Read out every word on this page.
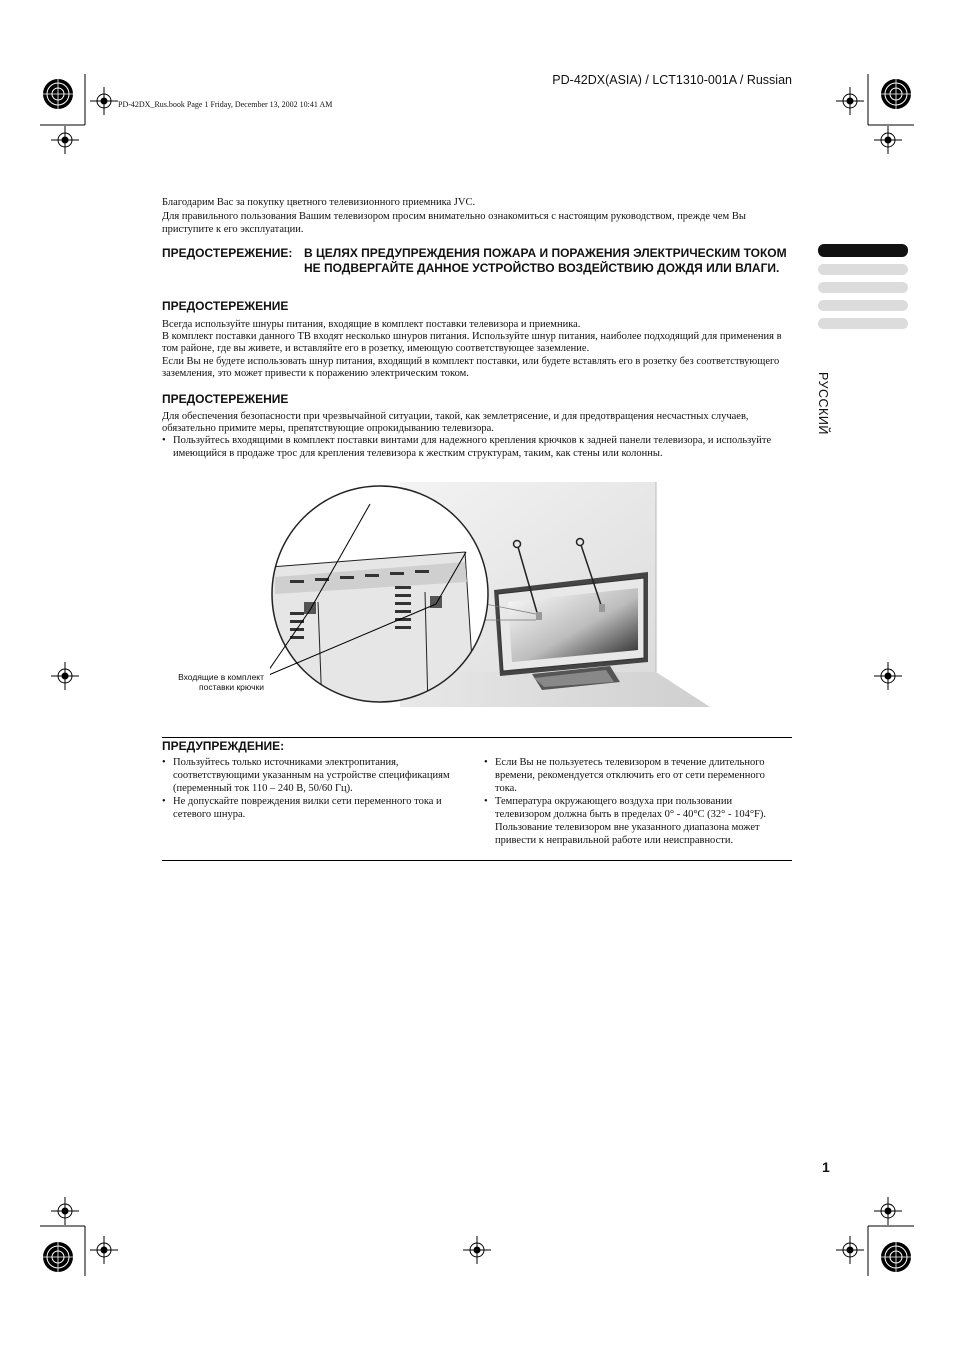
PD-42DX(ASIA) / LCT1310-001A / Russian
PD-42DX_Rus.book Page 1 Friday, December 13, 2002 10:41 AM

Благодарим Вас за покупку цветного телевизионного приемника JVC.

Для правильного пользования Вашим телевизором просим внимательно ознакомиться с настоящим руководством, прежде чем Вы приступите к его эксплуатации.

ПРЕДОСТЕРЕЖЕНИЕ: В ЦЕЛЯХ ПРЕДУПРЕЖДЕНИЯ ПОЖАРА И ПОРАЖЕНИЯ ЭЛЕКТРИЧЕСКИМ ТОКОМ НЕ ПОДВЕРГАЙТЕ ДАННОЕ УСТРОЙСТВО ВОЗДЕЙСТВИЮ ДОЖДЯ ИЛИ ВЛАГИ.
ПРЕДОСТЕРЕЖЕНИЕ

Всегда используйте шнуры питания, входящие в комплект поставки телевизора и приемника.

В комплект поставки данного ТВ входят несколько шнуров питания. Используйте шнур питания, наиболее подходящий для применения в том районе, где вы живете, и вставляйте его в розетку, имеющую соответствующее заземление.

Если Вы не будете использовать шнур питания, входящий в комплект поставки, или будете вставлять его в розетку без соответствующего заземления, это может привести к поражению электрическим током.

ПРЕДОСТЕРЕЖЕНИЕ

Для обеспечения безопасности при чрезвычайной ситуации, такой, как землетрясение, и для предотвращения несчастных случаев, обязательно примите меры, препятствующие опрокидыванию телевизора.

• Пользуйтесь входящими в комплект поставки винтами для надежного крепления крючков к задней панели телевизора, и используйте имеющийся в продаже трос для крепления телевизора к жестким структурам, таким, как стены или колонны.
Входящие в комплект поставки крючки
ПРЕДУПРЕЖДЕНИЕ:
• Пользуйтесь только источниками электропитания, соответствующими указанным на устройстве спецификациям (переменный ток 110 – 240 В, 50/60 Гц).
• Не допускайте повреждения вилки сети переменного тока и сетевого шнура.
• Если Вы не пользуетесь телевизором в течение длительного времени, рекомендуется отключить его от сети переменного тока.
• Температура окружающего воздуха при пользовании телевизором должна быть в пределах 0° - 40°C (32° - 104°F). Пользование телевизором вне указанного диапазона может привести к неправильной работе или неисправности.
РУССКИЙ
1
